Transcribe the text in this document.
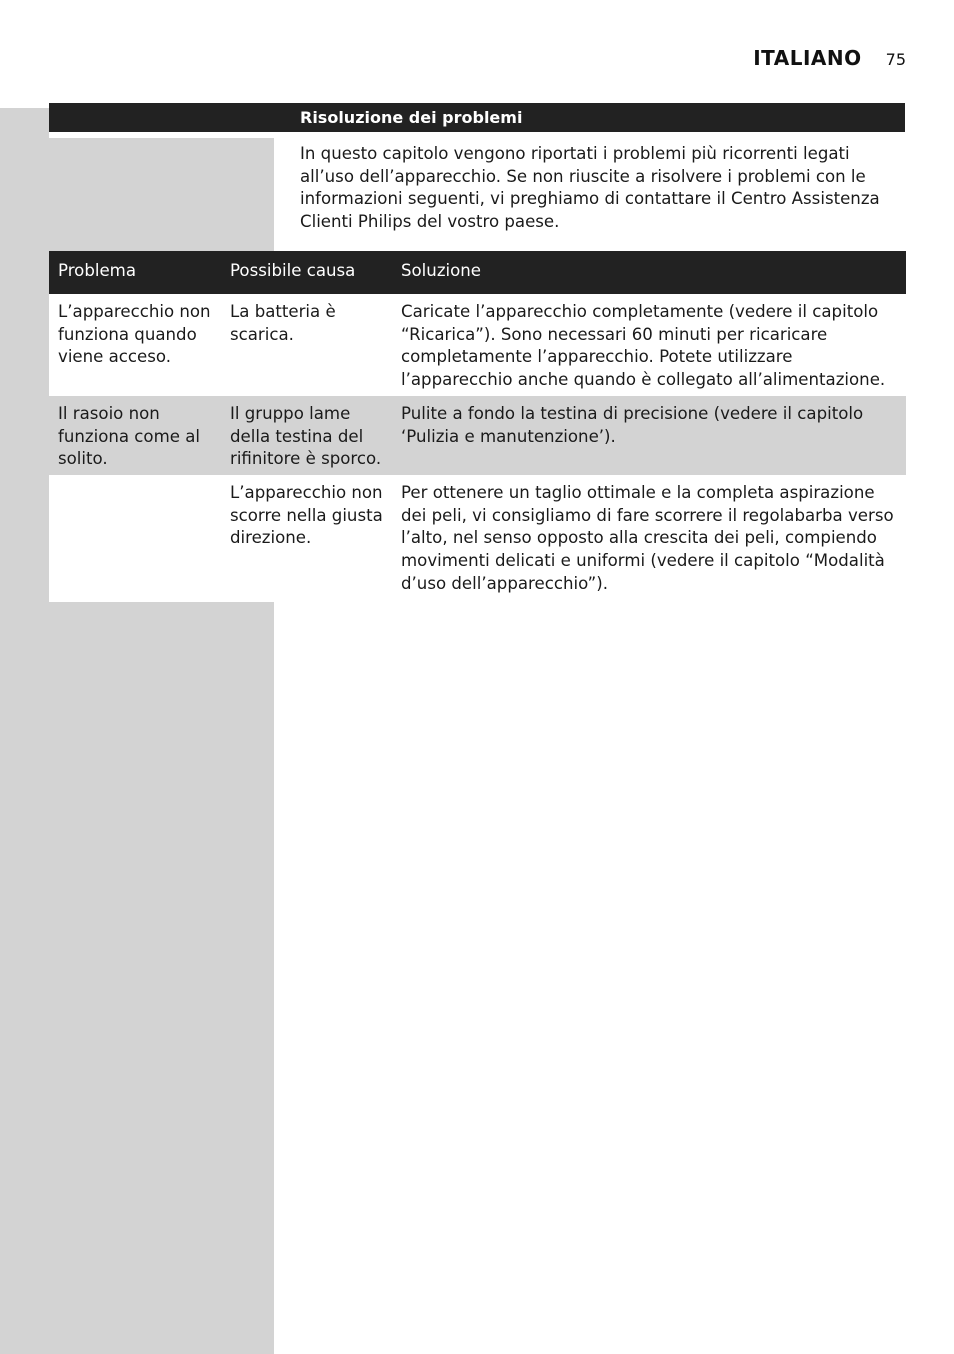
ITALIANO 75
Risoluzione dei problemi

In questo capitolo vengono riportati i problemi più ricorrenti legati all’uso dell’apparecchio. Se non riuscite a risolvere i problemi con le informazioni seguenti, vi preghiamo di contattare il Centro Assistenza Clienti Philips del vostro paese.

Problema	Possibile causa	Soluzione
L’apparecchio non funziona quando viene acceso.
La batteria è scarica.
Caricate l’apparecchio completamente (vedere il capitolo “Ricarica”). Sono necessari 60 minuti per ricaricare completamente l’apparecchio. Potete utilizzare l’apparecchio anche quando è collegato all’alimentazione.
Il rasoio non funziona come al solito.
Il gruppo lame della testina del rifinitore è sporco.
Pulite a fondo la testina di precisione (vedere il capitolo ‘Pulizia e manutenzione’).
L’apparecchio non scorre nella giusta direzione.
Per ottenere un taglio ottimale e la completa aspirazione dei peli, vi consigliamo di fare scorrere il regolabarba verso l’alto, nel senso opposto alla crescita dei peli, compiendo movimenti delicati e uniformi (vedere il capitolo “Modalità d’uso dell’apparecchio”).
